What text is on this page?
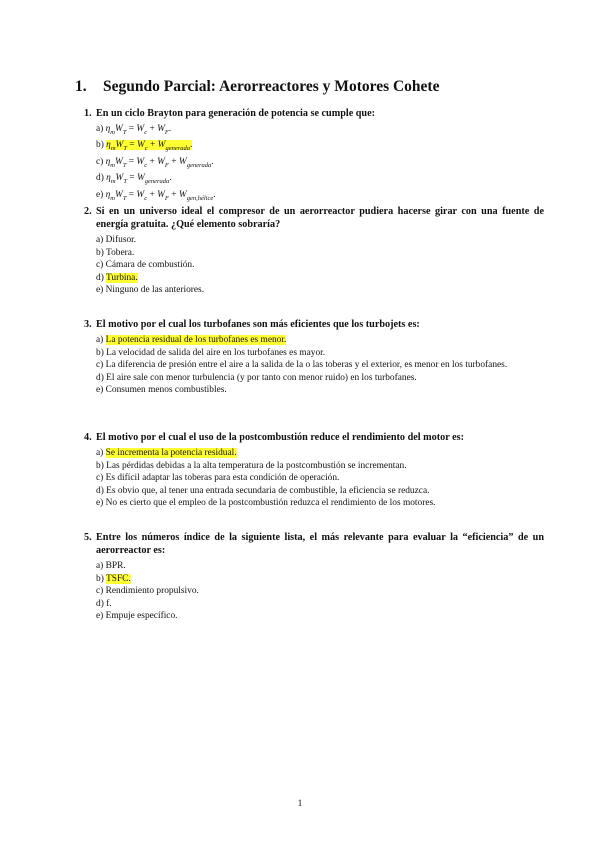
1. Segundo Parcial: Aerorreactores y Motores Cohete
1. En un ciclo Brayton para generación de potencia se cumple que:
a) $\eta_mW_T = W_c + W_F$.
b) $\eta_mW_T = W_c + W_{generada}$.
c) $\eta_mW_T = W_c + W_F + W_{generada}$.
d) $\eta_mW_T = W_{generada}$.
e) $\eta_mW_T = W_c + W_F + W_{gen,hélice}$.
2. Si en un universo ideal el compresor de un aerorreactor pudiera hacerse girar con una fuente de energía gratuita. ¿Qué elemento sobraría?
a) Difusor.
b) Tobera.
c) Cámara de combustión.
d) Turbina.
e) Ninguno de las anteriores.
3. El motivo por el cual los turbofanes son más eficientes que los turbojets es:
a) La potencia residual de los turbofanes es menor.
b) La velocidad de salida del aire en los turbofanes es mayor.
c) La diferencia de presión entre el aire a la salida de la o las toberas y el exterior, es menor en los turbofanes.
d) El aire sale con menor turbulencia (y por tanto con menor ruido) en los turbofanes.
e) Consumen menos combustibles.
4. El motivo por el cual el uso de la postcombustión reduce el rendimiento del motor es:
a) Se incrementa la potencia residual.
b) Las pérdidas debidas a la alta temperatura de la postcombustión se incrementan.
c) Es difícil adaptar las toberas para esta condición de operación.
d) Es obvio que, al tener una entrada secundaria de combustible, la eficiencia se reduzca.
e) No es cierto que el empleo de la postcombustión reduzca el rendimiento de los motores.
5. Entre los números índice de la siguiente lista, el más relevante para evaluar la “eficiencia” de un aerorreactor es:
a) BPR.
b) TSFC.
c) Rendimiento propulsivo.
d) f.
e) Empuje específico.
1
